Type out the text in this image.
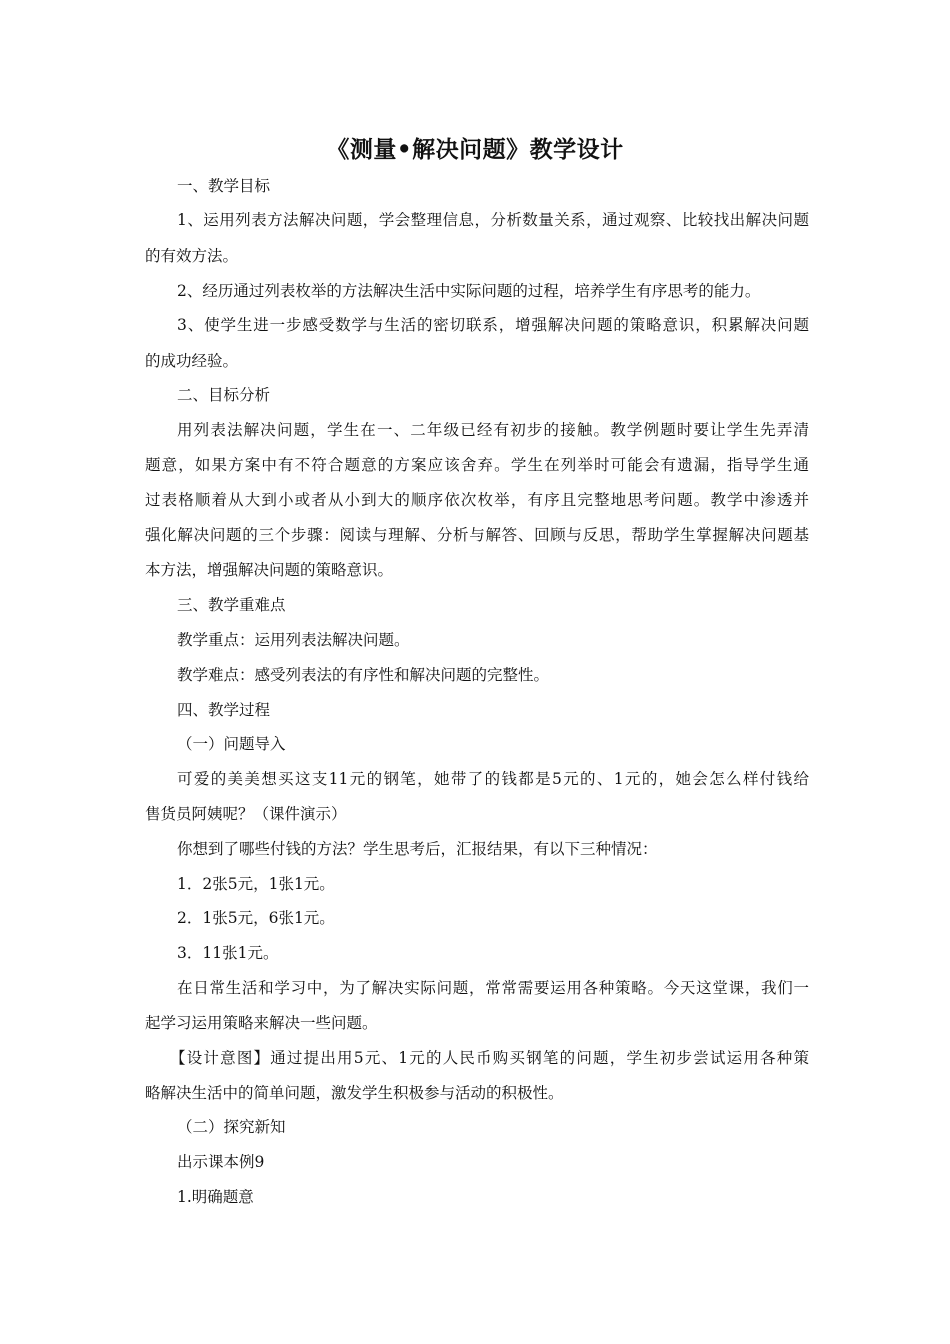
《测量•解决问题》教学设计
一、教学目标
1、运用列表方法解决问题，学会整理信息，分析数量关系，通过观察、比较找出解决问题
的有效方法。
2、经历通过列表枚举的方法解决生活中实际问题的过程，培养学生有序思考的能力。
3、使学生进一步感受数学与生活的密切联系，增强解决问题的策略意识，积累解决问题
的成功经验。
二、目标分析
用列表法解决问题，学生在一、二年级已经有初步的接触。教学例题时要让学生先弄清
题意，如果方案中有不符合题意的方案应该舍弃。学生在列举时可能会有遗漏，指导学生通
过表格顺着从大到小或者从小到大的顺序依次枚举，有序且完整地思考问题。教学中渗透并
强化解决问题的三个步骤：阅读与理解、分析与解答、回顾与反思，帮助学生掌握解决问题基
本方法，增强解决问题的策略意识。
三、教学重难点
教学重点：运用列表法解决问题。
教学难点：感受列表法的有序性和解决问题的完整性。
四、教学过程
（一）问题导入
可爱的美美想买这支11元的钢笔，她带了的钱都是5元的、1元的，她会怎么样付钱给
售货员阿姨呢？（课件演示）
你想到了哪些付钱的方法？学生思考后，汇报结果，有以下三种情况：
1．2张5元，1张1元。
2．1张5元，6张1元。
3．11张1元。
在日常生活和学习中，为了解决实际问题，常常需要运用各种策略。今天这堂课，我们一
起学习运用策略来解决一些问题。
【设计意图】通过提出用5元、1元的人民币购买钢笔的问题，学生初步尝试运用各种策
略解决生活中的简单问题，激发学生积极参与活动的积极性。
（二）探究新知
出示课本例9
1.明确题意
